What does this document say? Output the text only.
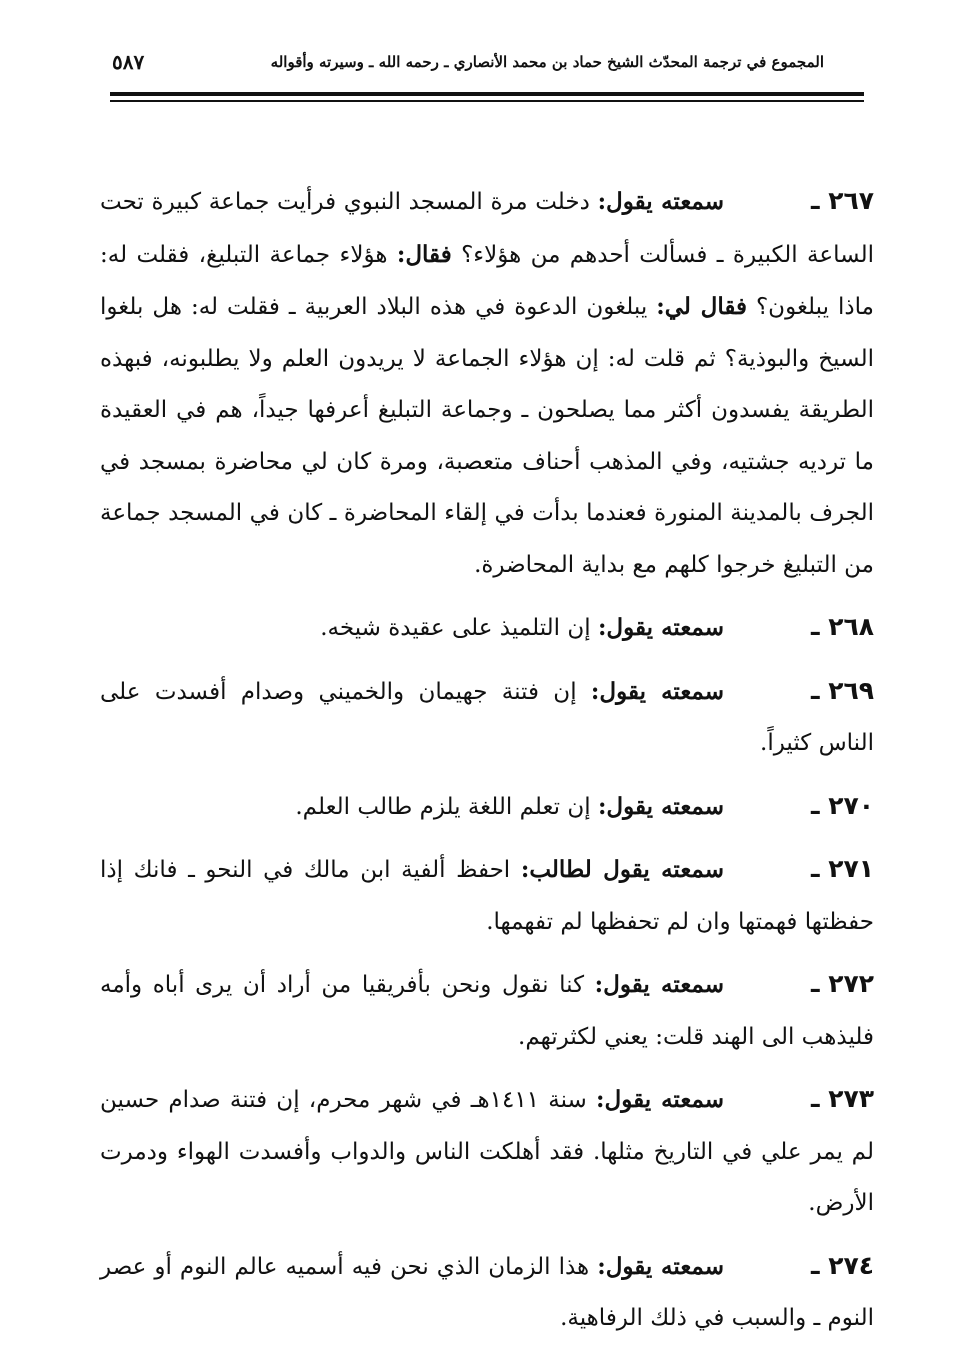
المجموع في ترجمة المحدّث الشيخ حماد بن محمد الأنصاري ـ رحمه الله ـ وسيرته وأقواله
٥٨٧

٢٦٧ ـسمعته يقول: دخلت مرة المسجد النبوي فرأيت جماعة كبيرة تحت الساعة الكبيرة ـ فسألت أحدهم من هؤلاء؟ فقال: هؤلاء جماعة التبليغ، فقلت له: ماذا يبلغون؟ فقال لي: يبلغون الدعوة في هذه البلاد العربية ـ فقلت له: هل بلغوا السيخ والبوذية؟ ثم قلت له: إن هؤلاء الجماعة لا يريدون العلم ولا يطلبونه، فبهذه الطريقة يفسدون أكثر مما يصلحون ـ وجماعة التبليغ أعرفها جيداً، هم في العقيدة ما ترديه جشتيه، وفي المذهب أحناف متعصبة، ومرة كان لي محاضرة بمسجد في الجرف بالمدينة المنورة فعندما بدأت في إلقاء المحاضرة ـ كان في المسجد جماعة من التبليغ خرجوا كلهم مع بداية المحاضرة.

٢٦٨ ـسمعته يقول: إن التلميذ على عقيدة شيخه.

٢٦٩ ـسمعته يقول: إن فتنة جهيمان والخميني وصدام أفسدت على الناس كثيراً.

٢٧٠ ـسمعته يقول: إن تعلم اللغة يلزم طالب العلم.

٢٧١ ـسمعته يقول لطالب: احفظ ألفية ابن مالك في النحو ـ فانك إذا حفظتها فهمتها وان لم تحفظها لم تفهمها.

٢٧٢ ـسمعته يقول: كنا نقول ونحن بأفريقيا من أراد أن يرى أباه وأمه فليذهب الى الهند قلت: يعني لكثرتهم.

٢٧٣ ـسمعته يقول: سنة ١٤١١هـ في شهر محرم، إن فتنة صدام حسين لم يمر علي في التاريخ مثلها. فقد أهلكت الناس والدواب وأفسدت الهواء ودمرت الأرض.

٢٧٤ ـسمعته يقول: هذا الزمان الذي نحن فيه أسميه عالم النوم أو عصر النوم ـ والسبب في ذلك الرفاهية.
